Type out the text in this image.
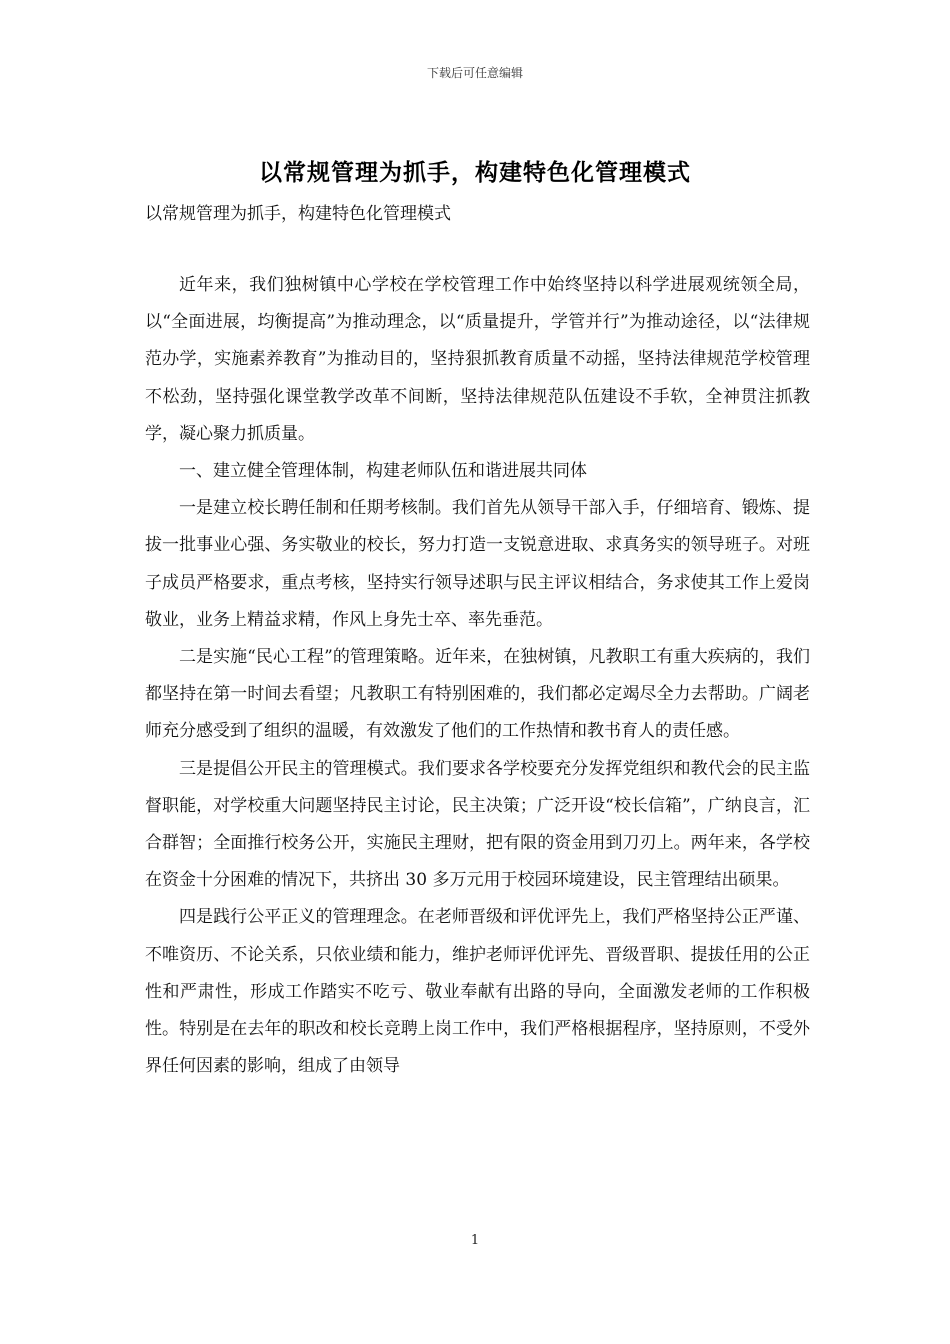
下载后可任意编辑
以常规管理为抓手，构建特色化管理模式
以常规管理为抓手，构建特色化管理模式

近年来，我们独树镇中心学校在学校管理工作中始终坚持以科学进展观统领全局，以“全面进展，均衡提高”为推动理念，以“质量提升，学管并行”为推动途径，以“法律规范办学，实施素养教育”为推动目的，坚持狠抓教育质量不动摇，坚持法律规范学校管理不松劲，坚持强化课堂教学改革不间断，坚持法律规范队伍建设不手软，全神贯注抓教学，凝心聚力抓质量。

一、建立健全管理体制，构建老师队伍和谐进展共同体

一是建立校长聘任制和任期考核制。我们首先从领导干部入手，仔细培育、锻炼、提拔一批事业心强、务实敬业的校长，努力打造一支锐意进取、求真务实的领导班子。对班子成员严格要求，重点考核，坚持实行领导述职与民主评议相结合，务求使其工作上爱岗敬业，业务上精益求精，作风上身先士卒、率先垂范。

二是实施“民心工程”的管理策略。近年来，在独树镇，凡教职工有重大疾病的，我们都坚持在第一时间去看望；凡教职工有特别困难的，我们都必定竭尽全力去帮助。广阔老师充分感受到了组织的温暖，有效激发了他们的工作热情和教书育人的责任感。

三是提倡公开民主的管理模式。我们要求各学校要充分发挥党组织和教代会的民主监督职能，对学校重大问题坚持民主讨论，民主决策；广泛开设“校长信箱”，广纳良言，汇合群智；全面推行校务公开，实施民主理财，把有限的资金用到刀刃上。两年来，各学校在资金十分困难的情况下，共挤出 30 多万元用于校园环境建设，民主管理结出硕果。

四是践行公平正义的管理理念。在老师晋级和评优评先上，我们严格坚持公正严谨、不唯资历、不论关系，只依业绩和能力，维护老师评优评先、晋级晋职、提拔任用的公正性和严肃性，形成工作踏实不吃亏、敬业奉献有出路的导向，全面激发老师的工作积极性。特别是在去年的职改和校长竞聘上岗工作中，我们严格根据程序，坚持原则，不受外界任何因素的影响，组成了由领导

1
